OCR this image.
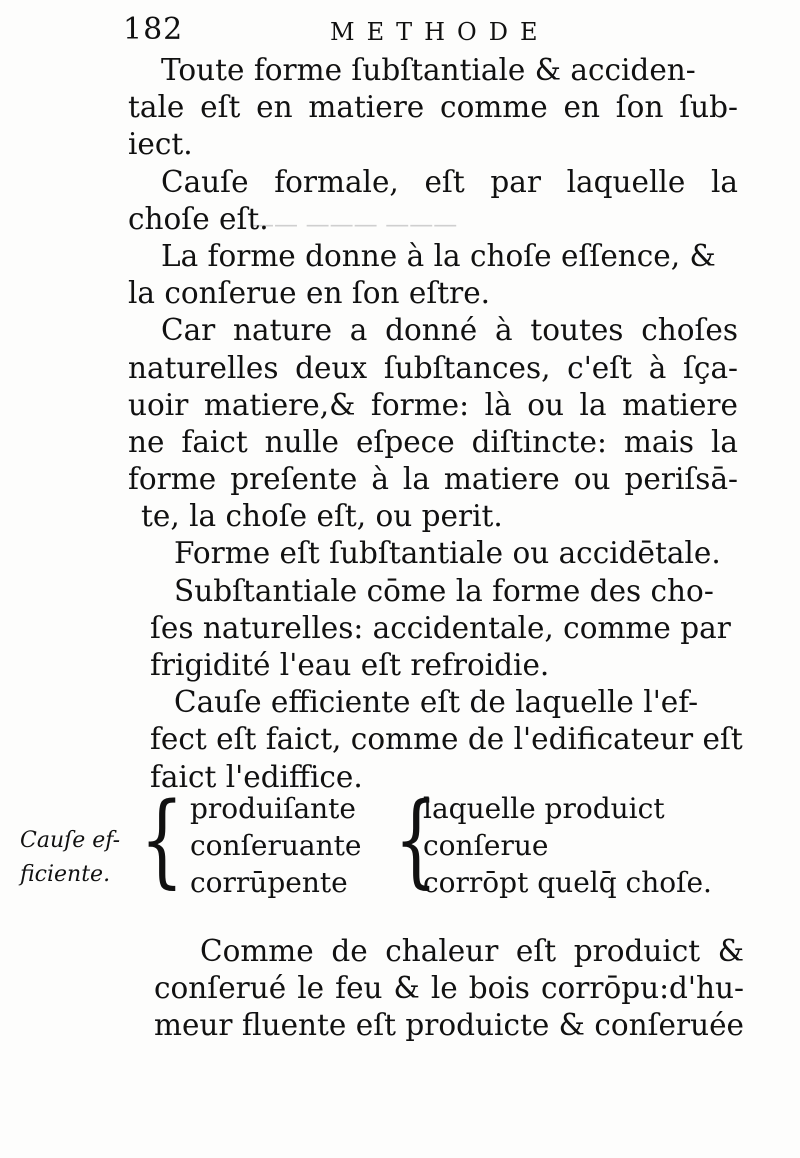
——— ——— ——
182	METHODE
Toute forme ſubſtantiale & acciden-
tale eſt en matiere comme en ſon ſub-
iect.
Cauſe formale, eſt par laquelle la
choſe eſt.
La forme donne à la choſe eſſence, &
la conſerue en ſon eſtre.
Car nature a donné à toutes choſes
naturelles deux ſubſtances, c'eſt à ſça-
uoir matiere,& forme: là ou la matiere
ne faict nulle eſpece diſtincte: mais la
forme preſente à la matiere ou periſsā-
te, la choſe eſt, ou perit.
Forme eſt ſubſtantiale ou accidētale.
Subſtantiale cōme la forme des cho-
ſes naturelles: accidentale, comme par
frigidité l'eau eſt refroidie.
Cauſe efficiente eſt de laquelle l'ef-
fect eſt faict, comme de l'edificateur eſt
faict l'ediffice.
Cauſe ef-
ficiente. { produiſante
conſeruante
corrūpente {
laquelle produict
conſerue
corrōpt quelq̄ choſe.
Comme de chaleur eſt produict &
conſerué le feu & le bois corrōpu:d'hu-
meur fluente eſt produicte & conſeruée
